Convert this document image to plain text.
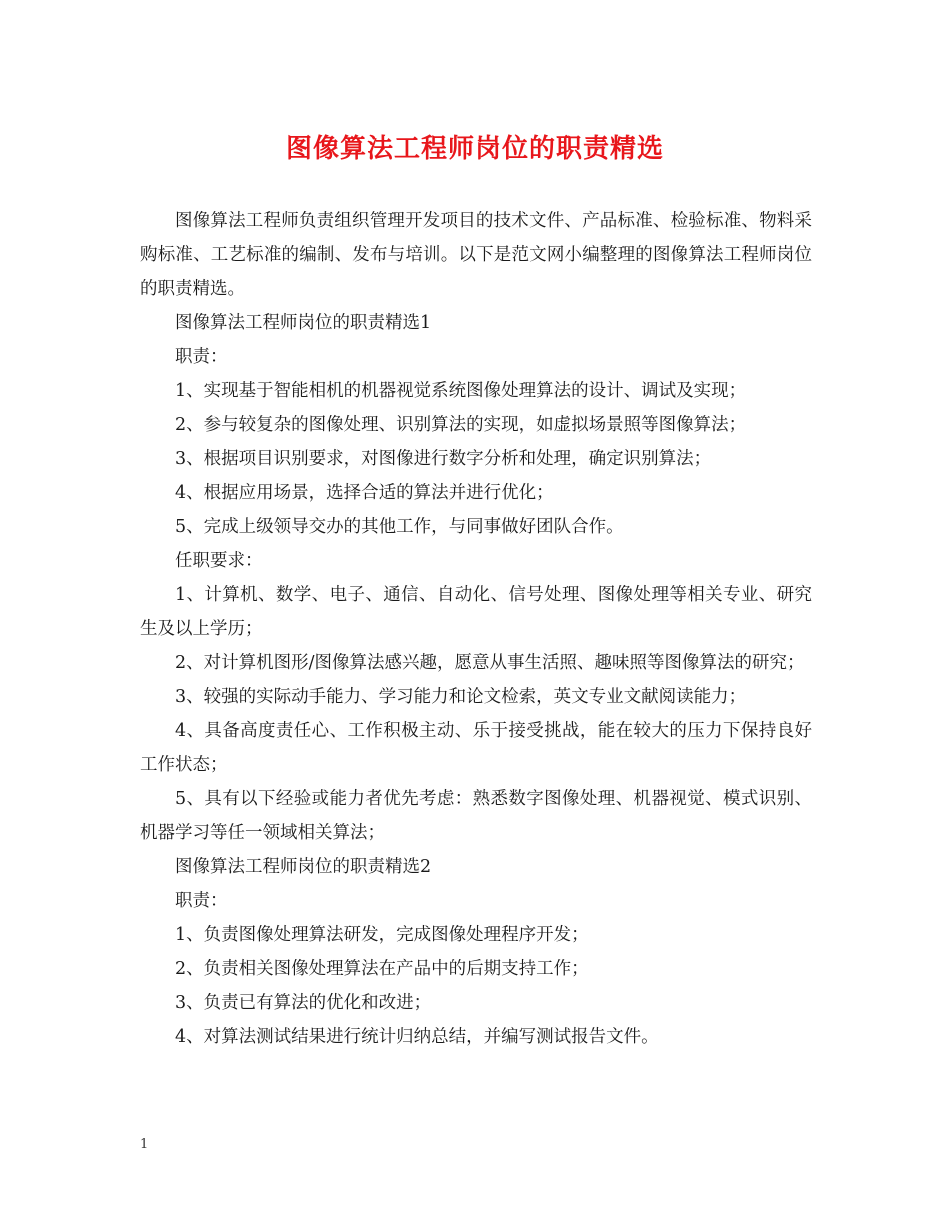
图像算法工程师岗位的职责精选

图像算法工程师负责组织管理开发项目的技术文件、产品标准、检验标准、物料采购标准、工艺标准的编制、发布与培训。以下是范文网小编整理的图像算法工程师岗位的职责精选。

图像算法工程师岗位的职责精选1

职责：

1、实现基于智能相机的机器视觉系统图像处理算法的设计、调试及实现；

2、参与较复杂的图像处理、识别算法的实现，如虚拟场景照等图像算法；

3、根据项目识别要求，对图像进行数字分析和处理，确定识别算法；

4、根据应用场景，选择合适的算法并进行优化；

5、完成上级领导交办的其他工作，与同事做好团队合作。

任职要求：

1、计算机、数学、电子、通信、自动化、信号处理、图像处理等相关专业、研究生及以上学历；

2、对计算机图形/图像算法感兴趣，愿意从事生活照、趣味照等图像算法的研究；

3、较强的实际动手能力、学习能力和论文检索，英文专业文献阅读能力；

4、具备高度责任心、工作积极主动、乐于接受挑战，能在较大的压力下保持良好工作状态；

5、具有以下经验或能力者优先考虑：熟悉数字图像处理、机器视觉、模式识别、机器学习等任一领域相关算法；

图像算法工程师岗位的职责精选2

职责：

1、负责图像处理算法研发，完成图像处理程序开发；

2、负责相关图像处理算法在产品中的后期支持工作；

3、负责已有算法的优化和改进；

4、对算法测试结果进行统计归纳总结，并编写测试报告文件。

1
